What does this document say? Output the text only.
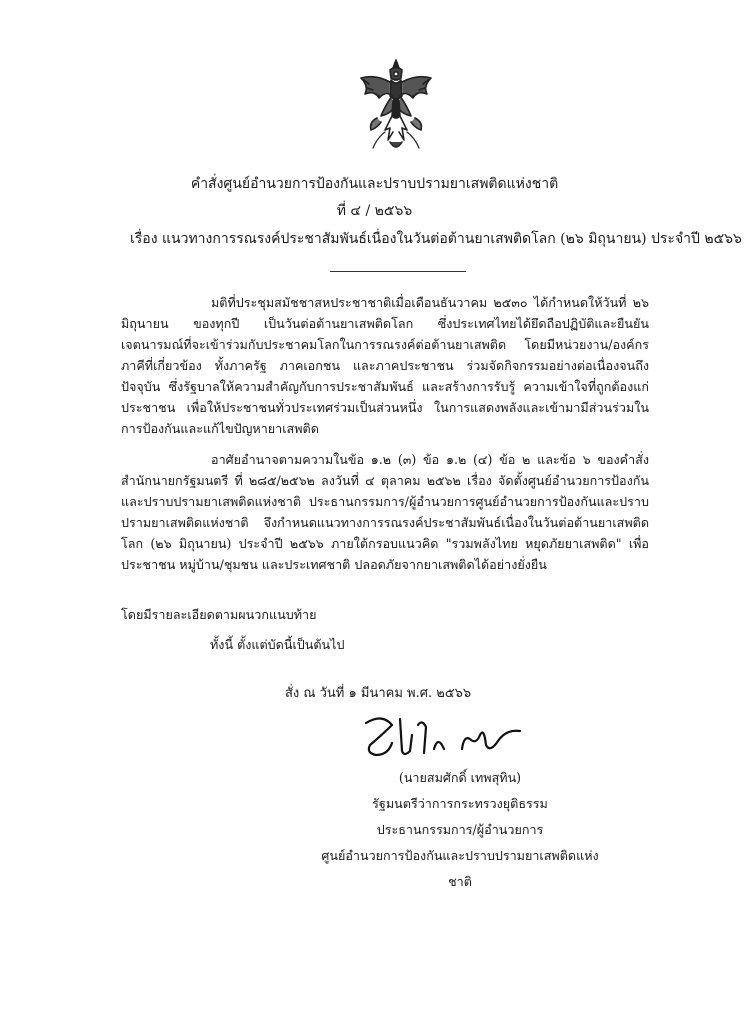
คำสั่งศูนย์อำนวยการป้องกันและปราบปรามยาเสพติดแห่งชาติ
ที่ ๔ / ๒๕๖๖
เรื่อง แนวทางการรณรงค์ประชาสัมพันธ์เนื่องในวันต่อต้านยาเสพติดโลก (๒๖ มิถุนายน) ประจำปี ๒๕๖๖
มติที่ประชุมสมัชชาสหประชาชาติเมื่อเดือนธันวาคม ๒๕๓๐ ได้กำหนดให้วันที่ ๒๖ มิถุนายน ของทุกปี เป็นวันต่อต้านยาเสพติดโลก ซึ่งประเทศไทยได้ยึดถือปฏิบัติและยืนยันเจตนารมณ์ที่จะเข้าร่วมกับประชาคมโลกในการรณรงค์ต่อต้านยาเสพติด โดยมีหน่วยงาน/องค์กรภาคีที่เกี่ยวข้อง ทั้งภาครัฐ ภาคเอกชน และภาคประชาชน ร่วมจัดกิจกรรมอย่างต่อเนื่องจนถึงปัจจุบัน ซึ่งรัฐบาลให้ความสำคัญกับการประชาสัมพันธ์ และสร้างการรับรู้ ความเข้าใจที่ถูกต้องแก่ประชาชน เพื่อให้ประชาชนทั่วประเทศร่วมเป็นส่วนหนึ่ง ในการแสดงพลังและเข้ามามีส่วนร่วมในการป้องกันและแก้ไขปัญหายาเสพติด
อาศัยอำนาจตามความในข้อ ๑.๒ (๓) ข้อ ๑.๒ (๔) ข้อ ๒ และข้อ ๖ ของคำสั่งสำนักนายกรัฐมนตรี ที่ ๒๘๕/๒๕๖๒ ลงวันที่ ๔ ตุลาคม ๒๕๖๒ เรื่อง จัดตั้งศูนย์อำนวยการป้องกันและปราบปรามยาเสพติดแห่งชาติ ประธานกรรมการ/ผู้อำนวยการศูนย์อำนวยการป้องกันและปราบปรามยาเสพติดแห่งชาติ จึงกำหนดแนวทางการรณรงค์ประชาสัมพันธ์เนื่องในวันต่อต้านยาเสพติดโลก (๒๖ มิถุนายน) ประจำปี ๒๕๖๖ ภายใต้กรอบแนวคิด "รวมพลังไทย หยุดภัยยาเสพติด" เพื่อประชาชน หมู่บ้าน/ชุมชน และประเทศชาติ ปลอดภัยจากยาเสพติดได้อย่างยั่งยืน
โดยมีรายละเอียดตามผนวกแนบท้าย
ทั้งนี้ ตั้งแต่บัดนี้เป็นต้นไป
สั่ง ณ วันที่ ๑ มีนาคม พ.ศ. ๒๕๖๖
(นายสมศักดิ์ เทพสุทิน)
รัฐมนตรีว่าการกระทรวงยุติธรรม
ประธานกรรมการ/ผู้อำนวยการ
ศูนย์อำนวยการป้องกันและปราบปรามยาเสพติดแห่งชาติ
